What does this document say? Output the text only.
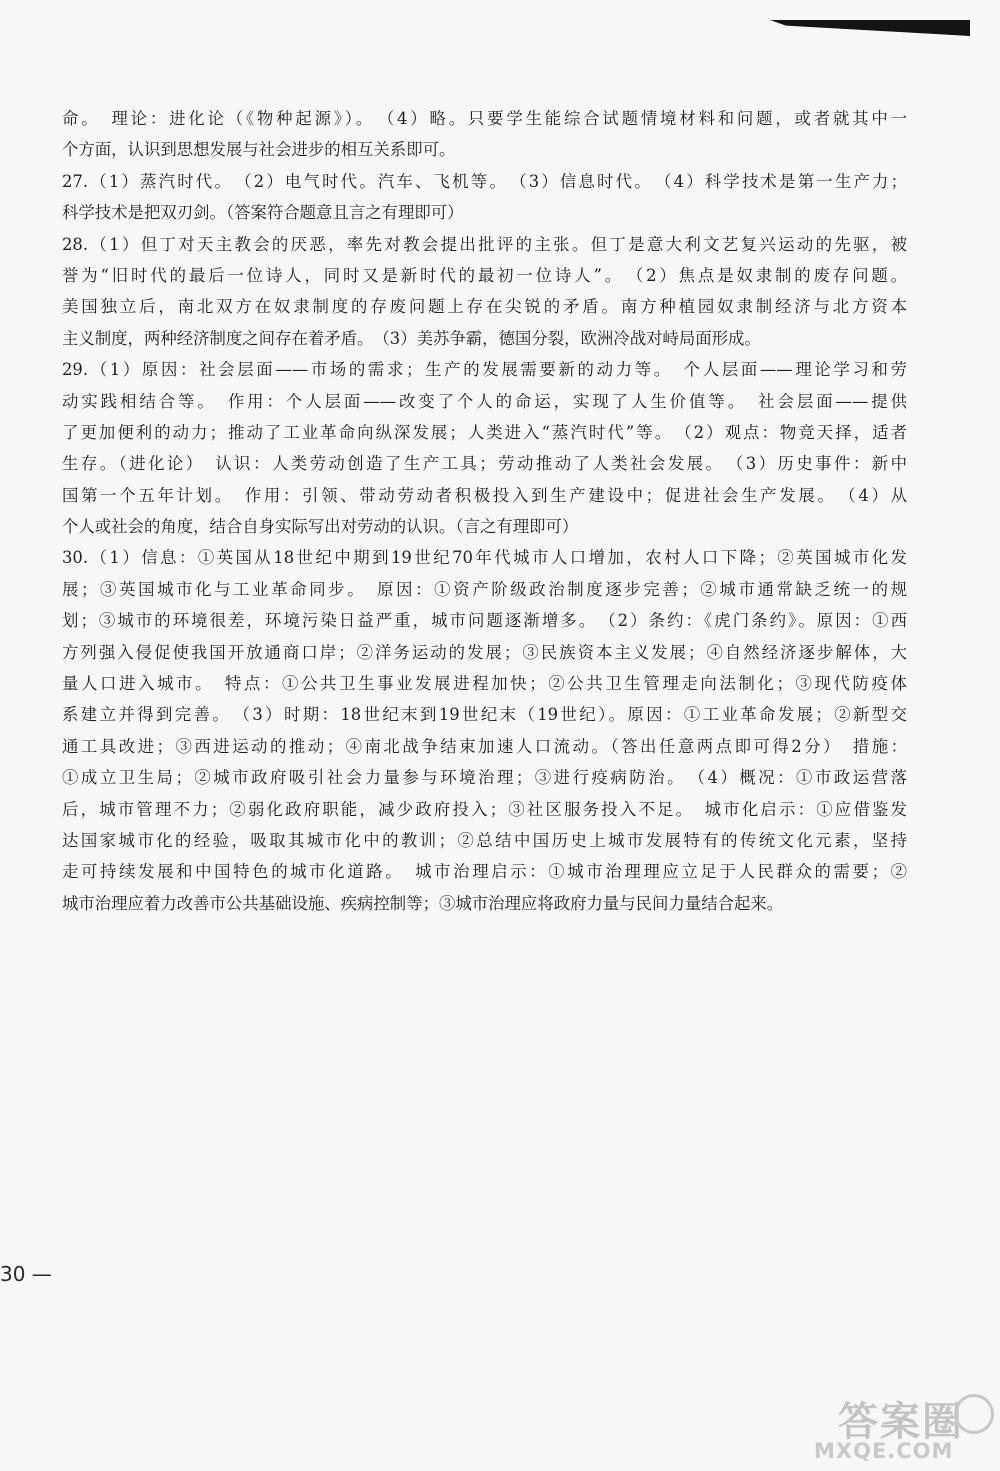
命。　理论：进化论（《物种起源》）。　（4）略。只要学生能综合试题情境材料和问题，或者就其中一
个方面，认识到思想发展与社会进步的相互关系即可。
27.（1）蒸汽时代。　（2）电气时代。汽车、飞机等。　（3）信息时代。　（4）科学技术是第一生产力；
科学技术是把双刃剑。（答案符合题意且言之有理即可）
28.（1）但丁对天主教会的厌恶，率先对教会提出批评的主张。但丁是意大利文艺复兴运动的先驱，被
誉为“旧时代的最后一位诗人，同时又是新时代的最初一位诗人”。　（2）焦点是奴隶制的废存问题。
美国独立后，南北双方在奴隶制度的存废问题上存在尖锐的矛盾。南方种植园奴隶制经济与北方资本
主义制度，两种经济制度之间存在着矛盾。　（3）美苏争霸，德国分裂，欧洲冷战对峙局面形成。
29.（1）原因：社会层面——市场的需求；生产的发展需要新的动力等。　个人层面——理论学习和劳
动实践相结合等。　作用：个人层面——改变了个人的命运，实现了人生价值等。　社会层面——提供
了更加便利的动力；推动了工业革命向纵深发展；人类进入“蒸汽时代”等。　（2）观点：物竞天择，适者
生存。（进化论）　认识：人类劳动创造了生产工具；劳动推动了人类社会发展。　（3）历史事件：新中
国第一个五年计划。　作用：引领、带动劳动者积极投入到生产建设中；促进社会生产发展。　（4）从
个人或社会的角度，结合自身实际写出对劳动的认识。（言之有理即可）
30.（1）信息：①英国从18世纪中期到19世纪70年代城市人口增加，农村人口下降；②英国城市化发
展；③英国城市化与工业革命同步。　原因：①资产阶级政治制度逐步完善；②城市通常缺乏统一的规
划；③城市的环境很差，环境污染日益严重，城市问题逐渐增多。　（2）条约：《虎门条约》。原因：①西
方列强入侵促使我国开放通商口岸；②洋务运动的发展；③民族资本主义发展；④自然经济逐步解体，大
量人口进入城市。　特点：①公共卫生事业发展进程加快；②公共卫生管理走向法制化；③现代防疫体
系建立并得到完善。　（3）时期：18世纪末到19世纪末（19世纪）。原因：①工业革命发展；②新型交
通工具改进；③西进运动的推动；④南北战争结束加速人口流动。（答出任意两点即可得2分）　措施：
①成立卫生局；②城市政府吸引社会力量参与环境治理；③进行疫病防治。　（4）概况：①市政运营落
后，城市管理不力；②弱化政府职能，减少政府投入；③社区服务投入不足。　城市化启示：①应借鉴发
达国家城市化的经验，吸取其城市化中的教训；②总结中国历史上城市发展特有的传统文化元素，坚持
走可持续发展和中国特色的城市化道路。　城市治理启示：①城市治理理应立足于人民群众的需要；②
城市治理应着力改善市公共基础设施、疾病控制等；③城市治理应将政府力量与民间力量结合起来。
30 —
答案圈
MXQE.COM
